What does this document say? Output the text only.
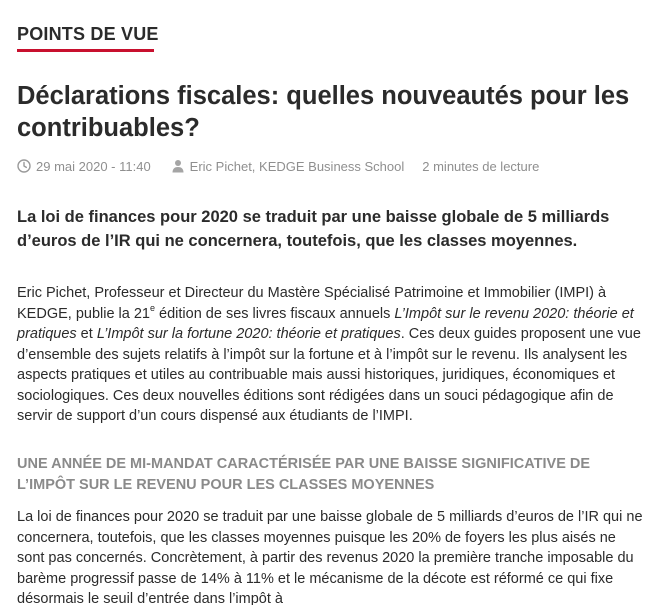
POINTS DE VUE
Déclarations fiscales: quelles nouveautés pour les contribuables?
29 mai 2020 - 11:40	Eric Pichet, KEDGE Business School 2 minutes de lecture

La loi de finances pour 2020 se traduit par une baisse globale de 5 milliards d’euros de l’IR qui ne concernera, toutefois, que les classes moyennes.

Eric Pichet, Professeur et Directeur du Mastère Spécialisé Patrimoine et Immobilier (IMPI) à KEDGE, publie la 21e édition de ses livres fiscaux annuels L’Impôt sur le revenu 2020: théorie et pratiques et L’Impôt sur la fortune 2020: théorie et pratiques. Ces deux guides proposent une vue d’ensemble des sujets relatifs à l’impôt sur la fortune et à l’impôt sur le revenu. Ils analysent les aspects pratiques et utiles au contribuable mais aussi historiques, juridiques, économiques et sociologiques. Ces deux nouvelles éditions sont rédigées dans un souci pédagogique afin de servir de support d’un cours dispensé aux étudiants de l’IMPI.

UNE ANNÉE DE MI-MANDAT CARACTÉRISÉE PAR UNE BAISSE SIGNIFICATIVE DE L’IMPÔT SUR LE REVENU POUR LES CLASSES MOYENNES

La loi de finances pour 2020 se traduit par une baisse globale de 5 milliards d’euros de l’IR qui ne concernera, toutefois, que les classes moyennes puisque les 20% de foyers les plus aisés ne sont pas concernés. Concrètement, à partir des revenus 2020 la première tranche imposable du barème progressif passe de 14% à 11% et le mécanisme de la décote est réformé ce qui fixe désormais le seuil d’entrée dans l’impôt à
